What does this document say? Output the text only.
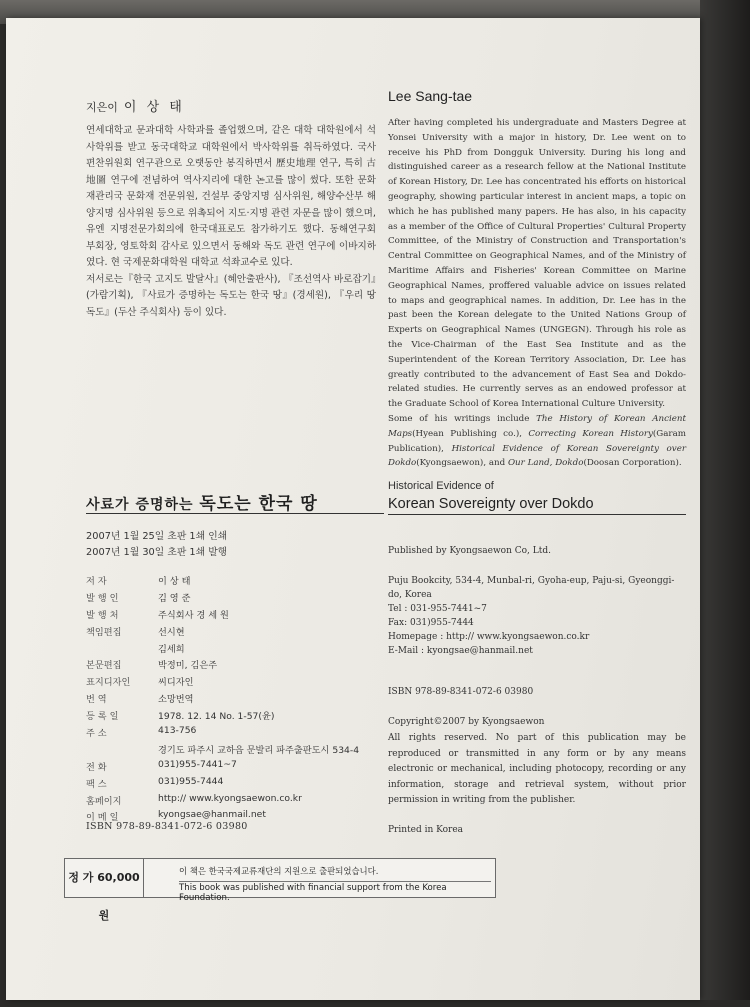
지은이 이 상 태

연세대학교 문과대학 사학과를 졸업했으며, 같은 대학 대학원에서 석사학위를 받고 동국대학교 대학원에서 박사학위를 취득하였다. 국사편찬위원회 연구관으로 오랫동안 봉직하면서 歷史地理 연구, 특히 古地圖 연구에 전념하여 역사지리에 대한 논고를 많이 썼다. 또한 문화재관리국 문화재 전문위원, 건설부 중앙지명 심사위원, 해양수산부 해양지명 심사위원 등으로 위촉되어 지도·지명 관련 자문을 많이 했으며, 유엔 지명전문가회의에 한국대표로도 참가하기도 했다. 동해연구회 부회장, 영토학회 감사로 있으면서 동해와 독도 관련 연구에 이바지하였다. 현 국제문화대학원 대학교 석좌교수로 있다.

저서로는『한국 고지도 발달사』(혜안출판사), 『조선역사 바로잡기』(가람기획), 『사료가 증명하는 독도는 한국 땅』(경세원), 『우리 땅 독도』(두산 주식회사) 등이 있다.

Lee Sang-tae

After having completed his undergraduate and Masters Degree at Yonsei University with a major in history, Dr. Lee went on to receive his PhD from Dongguk University. During his long and distinguished career as a research fellow at the National Institute of Korean History, Dr. Lee has concentrated his efforts on historical geography, showing particular interest in ancient maps, a topic on which he has published many papers. He has also, in his capacity as a member of the Office of Cultural Properties' Cultural Property Committee, of the Ministry of Construction and Transportation's Central Committee on Geographical Names, and of the Ministry of Maritime Affairs and Fisheries' Korean Committee on Marine Geographical Names, proffered valuable advice on issues related to maps and geographical names. In addition, Dr. Lee has in the past been the Korean delegate to the United Nations Group of Experts on Geographical Names (UNGEGN). Through his role as the Vice-Chairman of the East Sea Institute and as the Superintendent of the Korean Territory Association, Dr. Lee has greatly contributed to the advancement of East Sea and Dokdo-related studies. He currently serves as an endowed professor at the Graduate School of Korea International Culture University.

Some of his writings include The History of Korean Ancient Maps(Hyean Publishing co.), Correcting Korean History(Garam Publication), Historical Evidence of Korean Sovereignty over Dokdo(Kyongsaewon), and Our Land, Dokdo(Doosan Corporation).

사료가 증명하는 독도는 한국 땅
2007년 1월 25일 초판 1쇄 인쇄
2007년 1월 30일 초판 1쇄 발행
저 자	이 상 태
발 행 인	김 영 준
발 행 처	주식회사 경 세 원
책임편집	선시현
	김세희
본문편집	박정미, 김은주
표지디자인	씨디자인
번 역	소망번역
등 록 일	1978. 12. 14 No. 1-57(윤)
주 소	413-756
	경기도 파주시 교하읍 문발리 파주출판도시 534-4
전 화	031)955-7441~7
팩 스	031)955-7444
홈페이지	http:// www.kyongsaewon.co.kr
이 메 일	kyongsae@hanmail.net
ISBN 978-89-8341-072-6 03980
정 가 60,000원
이 책은 한국국제교류재단의 지원으로 출판되었습니다.
This book was published with financial support from the Korea Foundation.
Historical Evidence of
Korean Sovereignty over Dokdo
Published by Kyongsaewon Co, Ltd.

Puju Bookcity, 534-4, Munbal-ri, Gyoha-eup, Paju-si, Gyeonggi-do, Korea

Tel : 031-955-7441~7

Fax: 031)955-7444

Homepage : http:// www.kyongsaewon.co.kr

E-Mail : kyongsae@hanmail.net

ISBN 978-89-8341-072-6 03980
Copyright©2007 by Kyongsaewon
All rights reserved. No part of this publication may be reproduced or transmitted in any form or by any means electronic or mechanical, including photocopy, recording or any information, storage and retrieval system, without prior permission in writing from the publisher.
Printed in Korea
